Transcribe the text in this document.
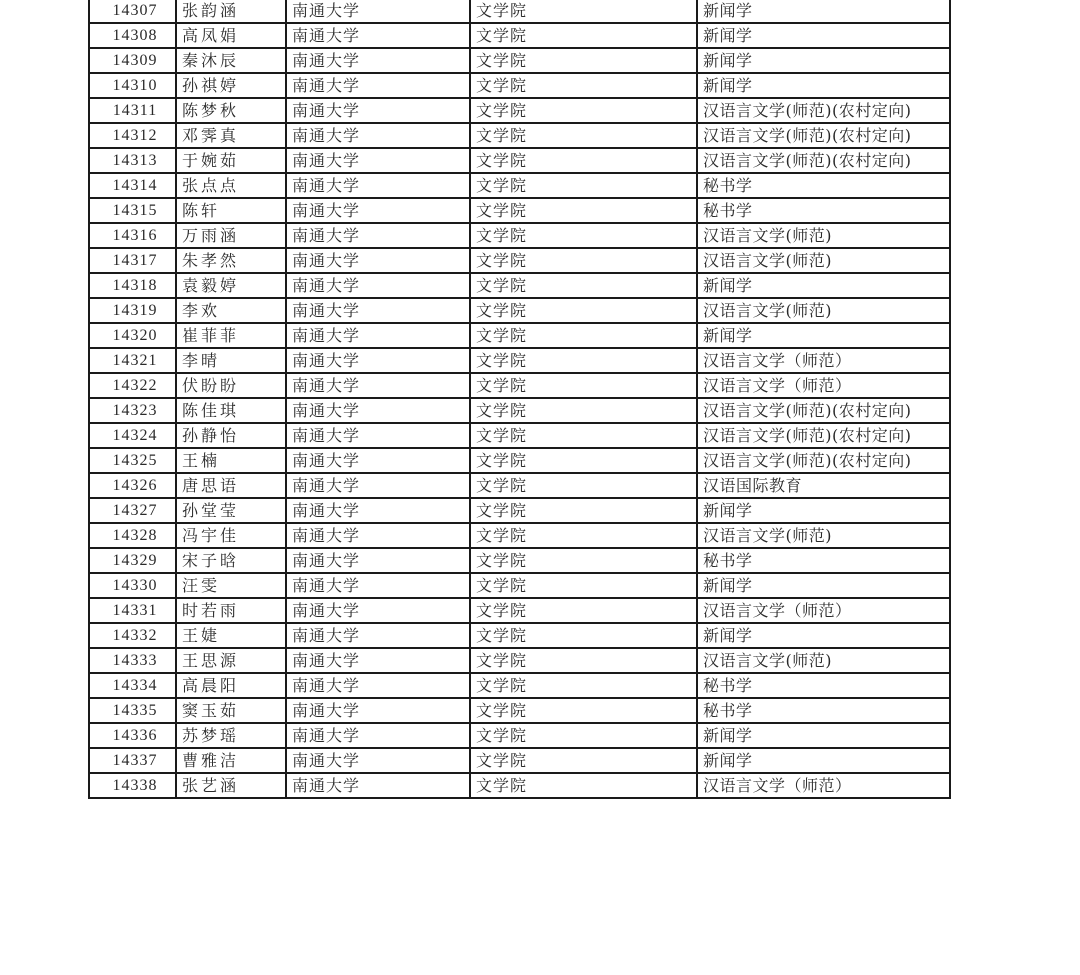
14307	张韵涵	南通大学	文学院	新闻学
14308	高凤娟	南通大学	文学院	新闻学
14309	秦沐辰	南通大学	文学院	新闻学
14310	孙祺婷	南通大学	文学院	新闻学
14311	陈梦秋	南通大学	文学院	汉语言文学(师范)(农村定向)
14312	邓霁真	南通大学	文学院	汉语言文学(师范)(农村定向)
14313	于婉茹	南通大学	文学院	汉语言文学(师范)(农村定向)
14314	张点点	南通大学	文学院	秘书学
14315	陈轩	南通大学	文学院	秘书学
14316	万雨涵	南通大学	文学院	汉语言文学(师范)
14317	朱孝然	南通大学	文学院	汉语言文学(师范)
14318	袁毅婷	南通大学	文学院	新闻学
14319	李欢	南通大学	文学院	汉语言文学(师范)
14320	崔菲菲	南通大学	文学院	新闻学
14321	李晴	南通大学	文学院	汉语言文学（师范）
14322	伏盼盼	南通大学	文学院	汉语言文学（师范）
14323	陈佳琪	南通大学	文学院	汉语言文学(师范)(农村定向)
14324	孙静怡	南通大学	文学院	汉语言文学(师范)(农村定向)
14325	王楠	南通大学	文学院	汉语言文学(师范)(农村定向)
14326	唐思语	南通大学	文学院	汉语国际教育
14327	孙堂莹	南通大学	文学院	新闻学
14328	冯宇佳	南通大学	文学院	汉语言文学(师范)
14329	宋子晗	南通大学	文学院	秘书学
14330	汪雯	南通大学	文学院	新闻学
14331	时若雨	南通大学	文学院	汉语言文学（师范）
14332	王婕	南通大学	文学院	新闻学
14333	王思源	南通大学	文学院	汉语言文学(师范)
14334	高晨阳	南通大学	文学院	秘书学
14335	窦玉茹	南通大学	文学院	秘书学
14336	苏梦瑶	南通大学	文学院	新闻学
14337	曹雅洁	南通大学	文学院	新闻学
14338	张艺涵	南通大学	文学院	汉语言文学（师范）
